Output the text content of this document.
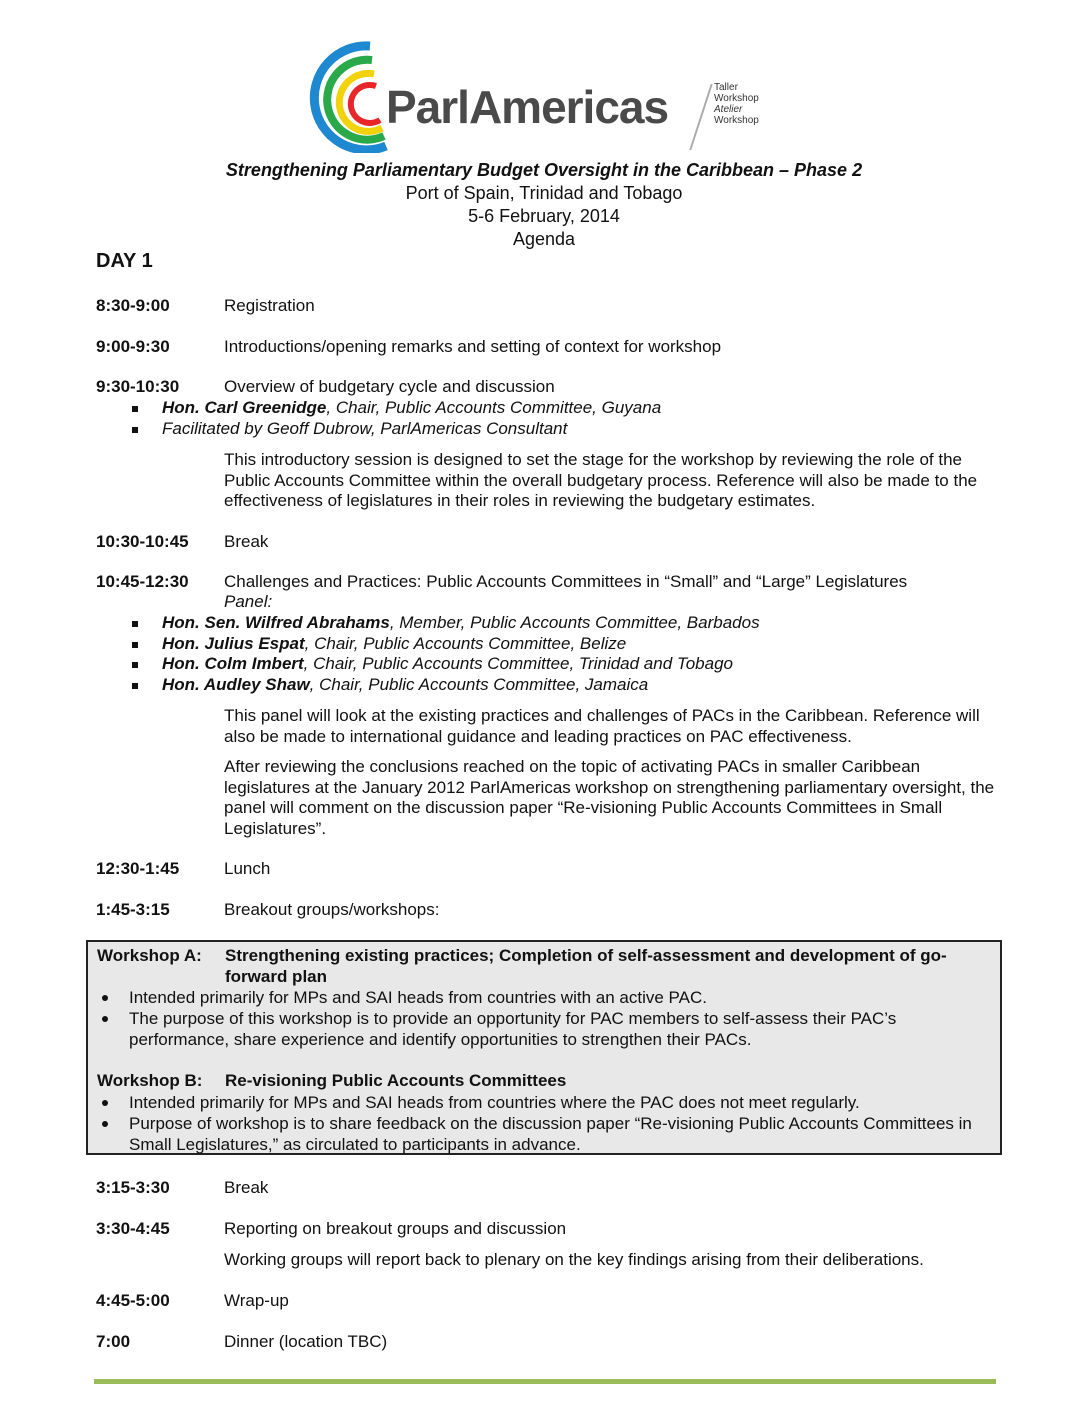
ParlAmericas	Taller
Workshop
Atelier
Workshop
Strengthening Parliamentary Budget Oversight in the Caribbean – Phase 2
Port of Spain, Trinidad and Tobago
5-6 February, 2014
Agenda
DAY 1
8:30-9:00	Registration
9:00-9:30	Introductions/opening remarks and setting of context for workshop
9:30-10:30	Overview of budgetary cycle and discussion
Hon. Carl Greenidge, Chair, Public Accounts Committee, Guyana
Facilitated by Geoff Dubrow, ParlAmericas Consultant
This introductory session is designed to set the stage for the workshop by reviewing the role of the Public Accounts Committee within the overall budgetary process. Reference will also be made to the effectiveness of legislatures in their roles in reviewing the budgetary estimates.
10:30-10:45 Break
10:45-12:30 Challenges and Practices: Public Accounts Committees in “Small” and “Large” Legislatures
Panel:
Hon. Sen. Wilfred Abrahams, Member, Public Accounts Committee, Barbados
Hon. Julius Espat, Chair, Public Accounts Committee, Belize
Hon. Colm Imbert, Chair, Public Accounts Committee, Trinidad and Tobago
Hon. Audley Shaw, Chair, Public Accounts Committee, Jamaica
This panel will look at the existing practices and challenges of PACs in the Caribbean. Reference will also be made to international guidance and leading practices on PAC effectiveness.
After reviewing the conclusions reached on the topic of activating PACs in smaller Caribbean legislatures at the January 2012 ParlAmericas workshop on strengthening parliamentary oversight, the panel will comment on the discussion paper “Re-visioning Public Accounts Committees in Small Legislatures”.
12:30-1:45	Lunch
1:45-3:15	Breakout groups/workshops:
Workshop A: Strengthening existing practices; Completion of self-assessment and development of go-forward plan
Intended primarily for MPs and SAI heads from countries with an active PAC.
The purpose of this workshop is to provide an opportunity for PAC members to self-assess their PAC’s performance, share experience and identify opportunities to strengthen their PACs.
Workshop B: Re-visioning Public Accounts Committees
Intended primarily for MPs and SAI heads from countries where the PAC does not meet regularly.
Purpose of workshop is to share feedback on the discussion paper “Re-visioning Public Accounts Committees in Small Legislatures,” as circulated to participants in advance.
3:15-3:30	Break
3:30-4:45	Reporting on breakout groups and discussion
Working groups will report back to plenary on the key findings arising from their deliberations.
4:45-5:00	Wrap-up
7:00	Dinner (location TBC)
